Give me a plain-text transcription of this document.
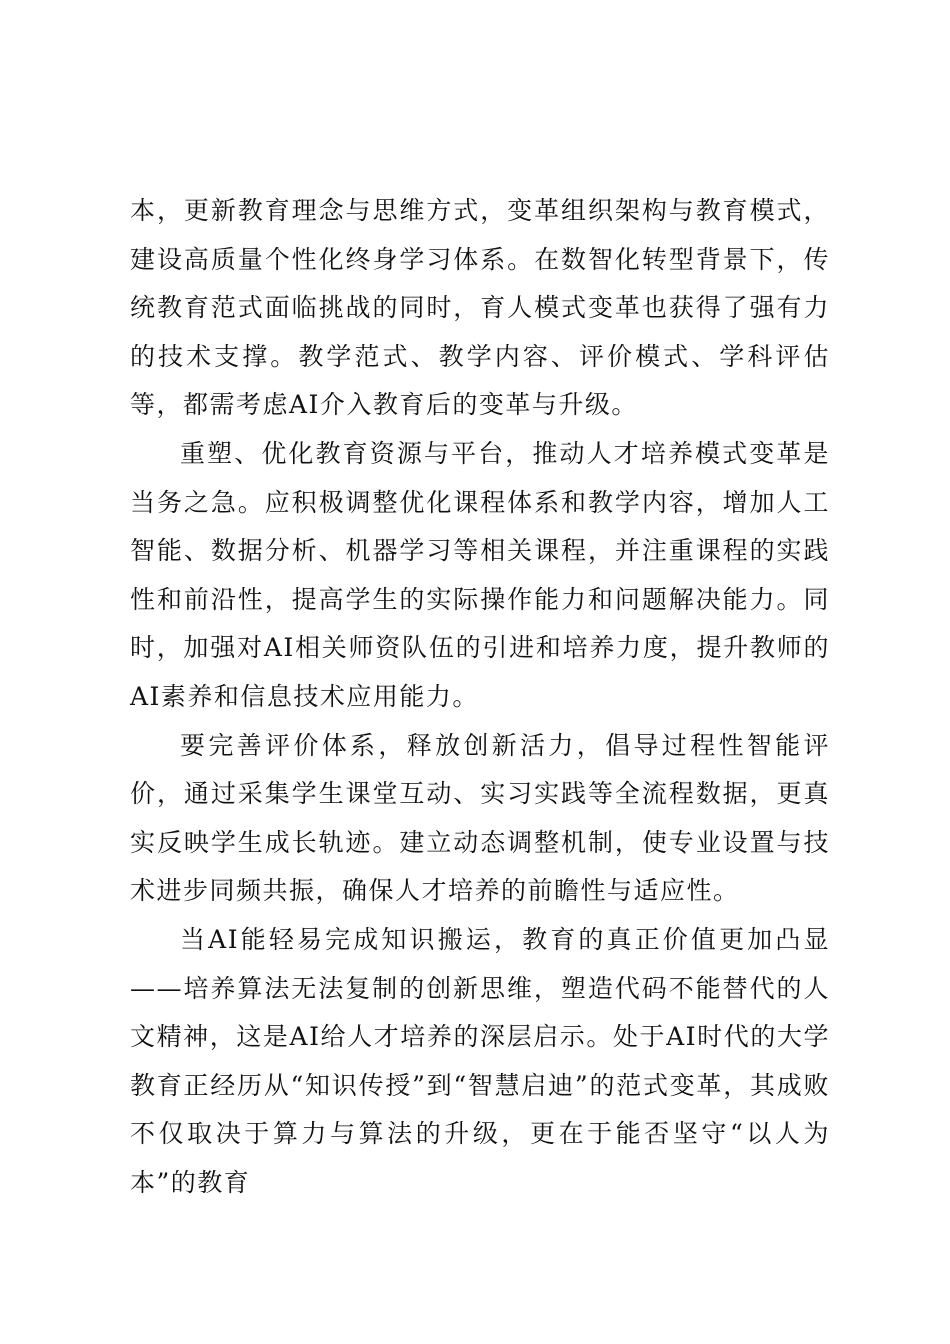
本，更新教育理念与思维方式，变革组织架构与教育模式，建设高质量个性化终身学习体系。在数智化转型背景下，传统教育范式面临挑战的同时，育人模式变革也获得了强有力的技术支撑。教学范式、教学内容、评价模式、学科评估等，都需考虑AI介入教育后的变革与升级。

重塑、优化教育资源与平台，推动人才培养模式变革是当务之急。应积极调整优化课程体系和教学内容，增加人工智能、数据分析、机器学习等相关课程，并注重课程的实践性和前沿性，提高学生的实际操作能力和问题解决能力。同时，加强对AI相关师资队伍的引进和培养力度，提升教师的AI素养和信息技术应用能力。

要完善评价体系，释放创新活力，倡导过程性智能评价，通过采集学生课堂互动、实习实践等全流程数据，更真实反映学生成长轨迹。建立动态调整机制，使专业设置与技术进步同频共振，确保人才培养的前瞻性与适应性。

当AI能轻易完成知识搬运，教育的真正价值更加凸显——培养算法无法复制的创新思维，塑造代码不能替代的人文精神，这是AI给人才培养的深层启示。处于AI时代的大学教育正经历从“知识传授”到“智慧启迪”的范式变革，其成败不仅取决于算力与算法的升级，更在于能否坚守“以人为本”的教育
